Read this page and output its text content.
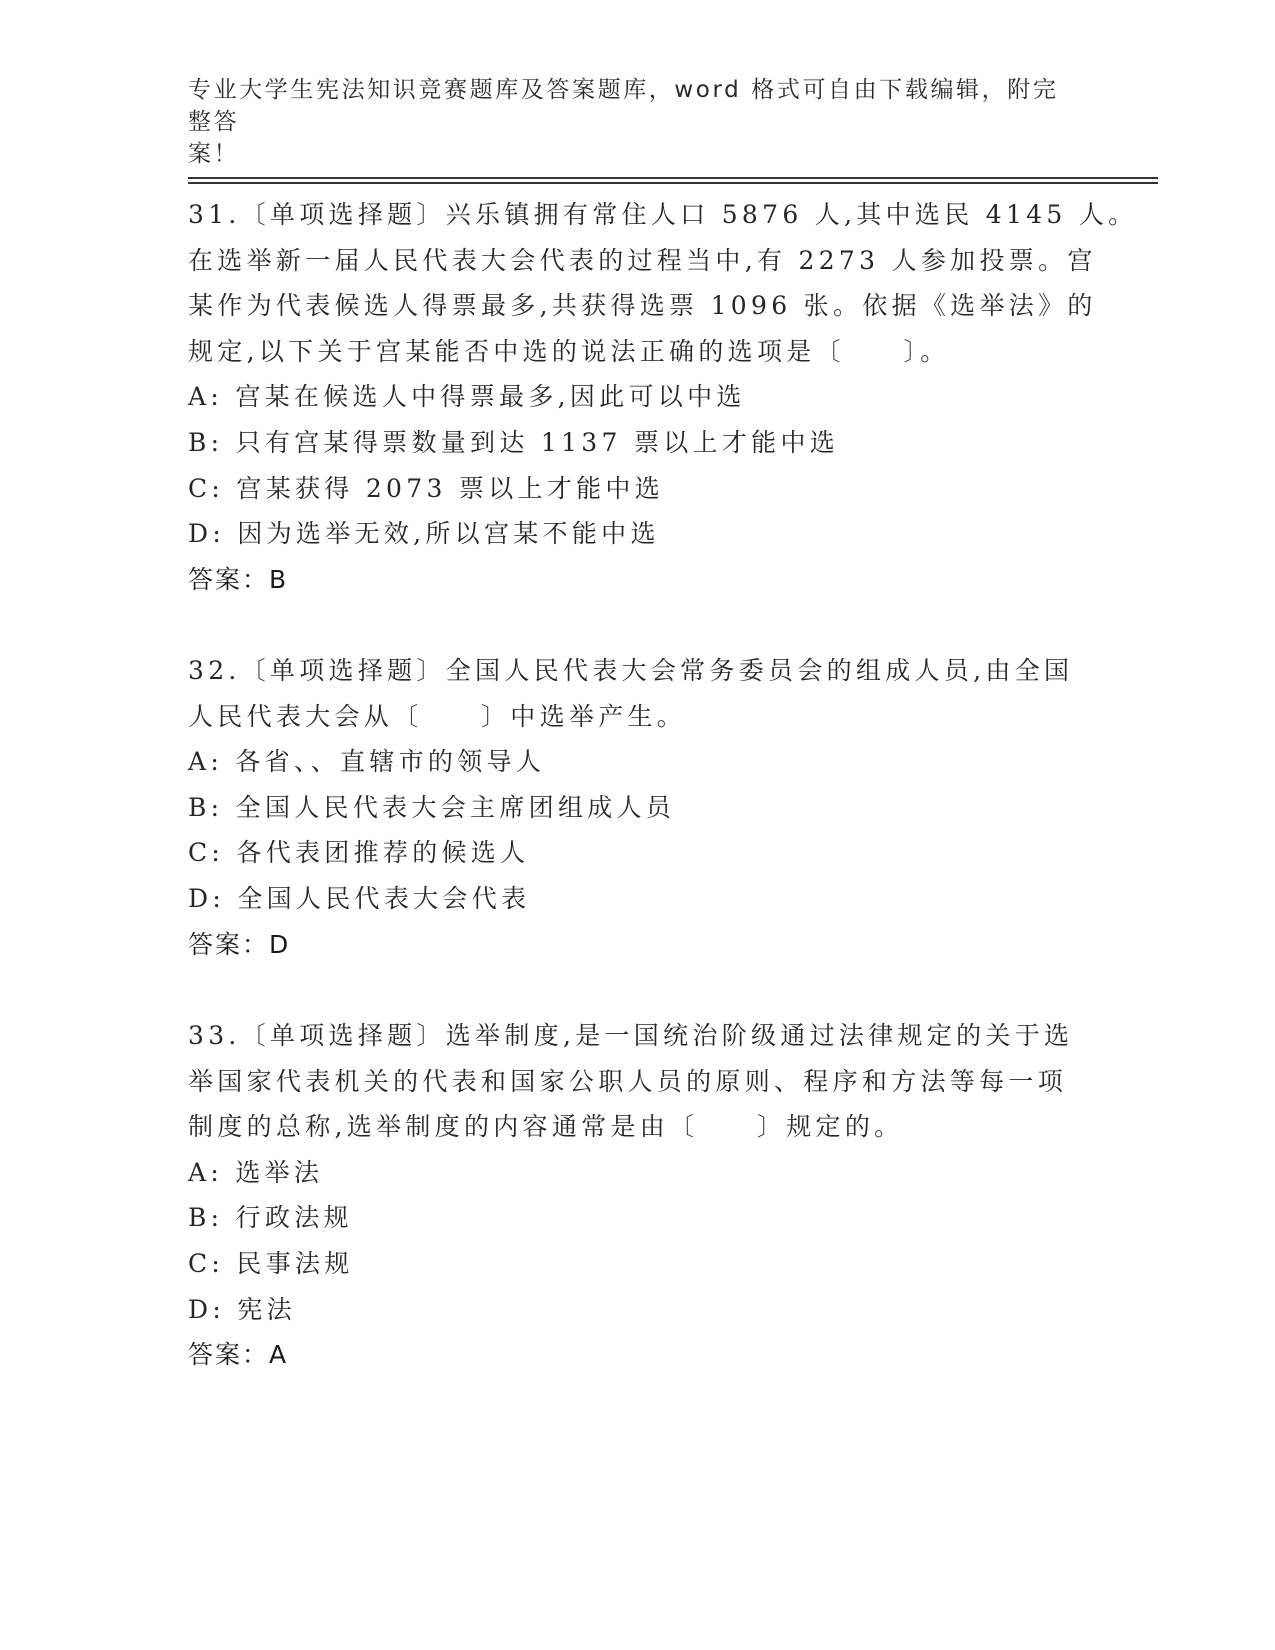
专业大学生宪法知识竞赛题库及答案题库，word 格式可自由下载编辑，附完整答
案！
31.〔单项选择题〕兴乐镇拥有常住人口 5876 人,其中选民 4145 人。
在选举新一届人民代表大会代表的过程当中,有 2273 人参加投票。宫
某作为代表候选人得票最多,共获得选票 1096 张。依据《选举法》的
规定,以下关于宫某能否中选的说法正确的选项是〔　　〕。
A: 宫某在候选人中得票最多,因此可以中选
B: 只有宫某得票数量到达 1137 票以上才能中选
C: 宫某获得 2073 票以上才能中选
D: 因为选举无效,所以宫某不能中选
答案：B
32.〔单项选择题〕全国人民代表大会常务委员会的组成人员,由全国
人民代表大会从〔　　〕中选举产生。
A: 各省、、直辖市的领导人
B: 全国人民代表大会主席团组成人员
C: 各代表团推荐的候选人
D: 全国人民代表大会代表
答案：D
33.〔单项选择题〕选举制度,是一国统治阶级通过法律规定的关于选
举国家代表机关的代表和国家公职人员的原则、程序和方法等每一项
制度的总称,选举制度的内容通常是由〔　　〕规定的。
A: 选举法
B: 行政法规
C: 民事法规
D: 宪法
答案：A
